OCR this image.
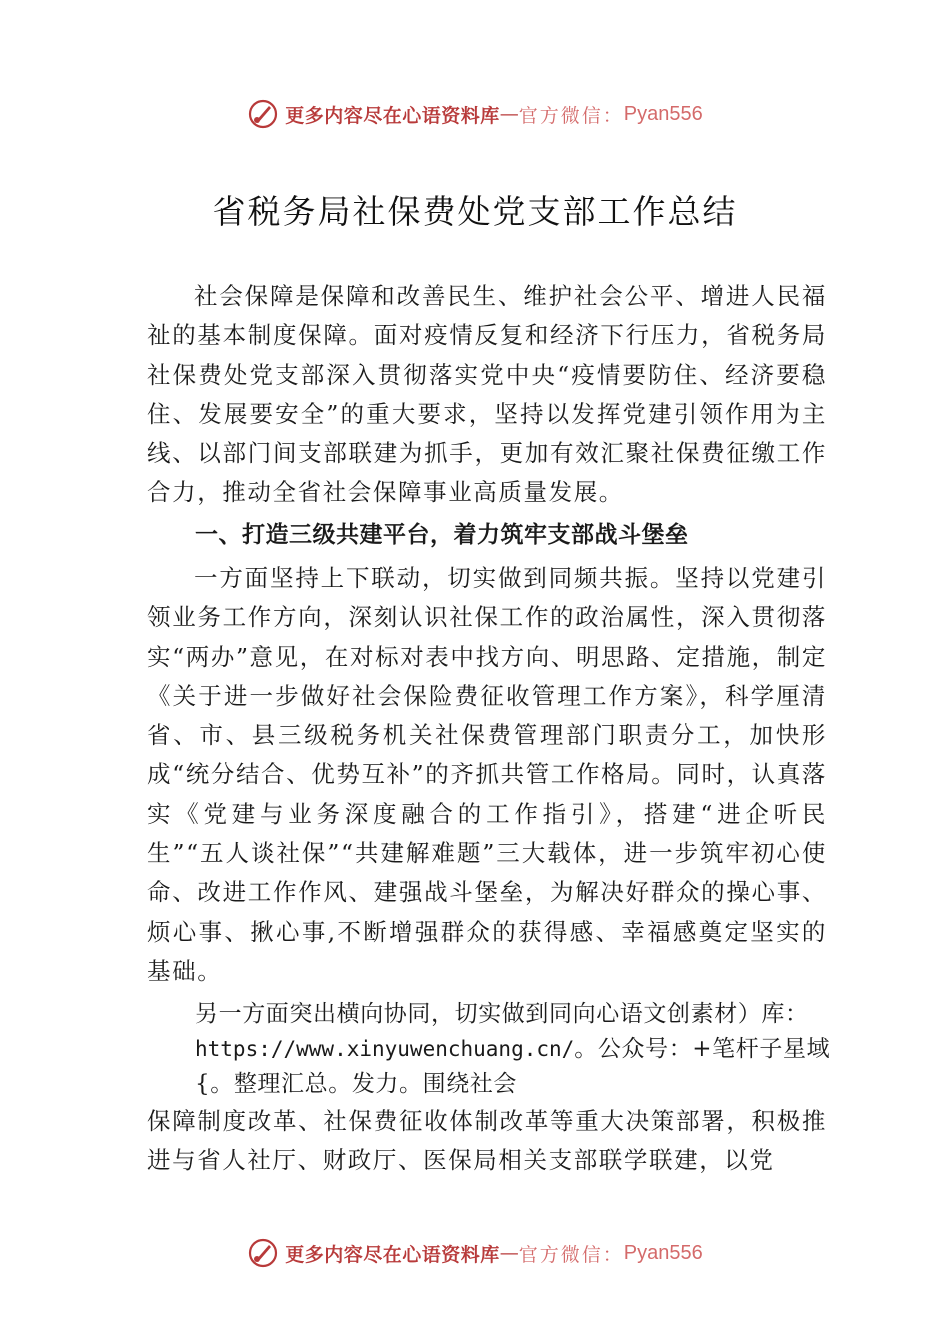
更多内容尽在心语资料库 — 官方微信： Pyan556
省税务局社保费处党支部工作总结

社会保障是保障和改善民生、维护社会公平、增进人民福祉的基本制度保障。面对疫情反复和经济下行压力，省税务局社保费处党支部深入贯彻落实党中央“疫情要防住、经济要稳住、发展要安全”的重大要求，坚持以发挥党建引领作用为主线、以部门间支部联建为抓手，更加有效汇聚社保费征缴工作合力，推动全省社会保障事业高质量发展。

一、打造三级共建平台，着力筑牢支部战斗堡垒

一方面坚持上下联动，切实做到同频共振。坚持以党建引领业务工作方向，深刻认识社保工作的政治属性，深入贯彻落实“两办”意见，在对标对表中找方向、明思路、定措施，制定《关于进一步做好社会保险费征收管理工作方案》，科学厘清省、市、县三级税务机关社保费管理部门职责分工，加快形成“统分结合、优势互补”的齐抓共管工作格局。同时，认真落实《党建与业务深度融合的工作指引》，搭建“进企听民生”“五人谈社保”“共建解难题”三大载体，进一步筑牢初心使命、改进工作作风、建强战斗堡垒，为解决好群众的操心事、烦心事、揪心事,不断增强群众的获得感、幸福感奠定坚实的基础。

另一方面突出横向协同，切实做到同向心语文创素材）库：https://www.xinyuwenchuang.cn/。公众号：+笔杆子星域{。整理汇总。发力。围绕社会

保障制度改革、社保费征收体制改革等重大决策部署，积极推进与省人社厅、财政厅、医保局相关支部联学联建，以党

更多内容尽在心语资料库 — 官方微信： Pyan556
